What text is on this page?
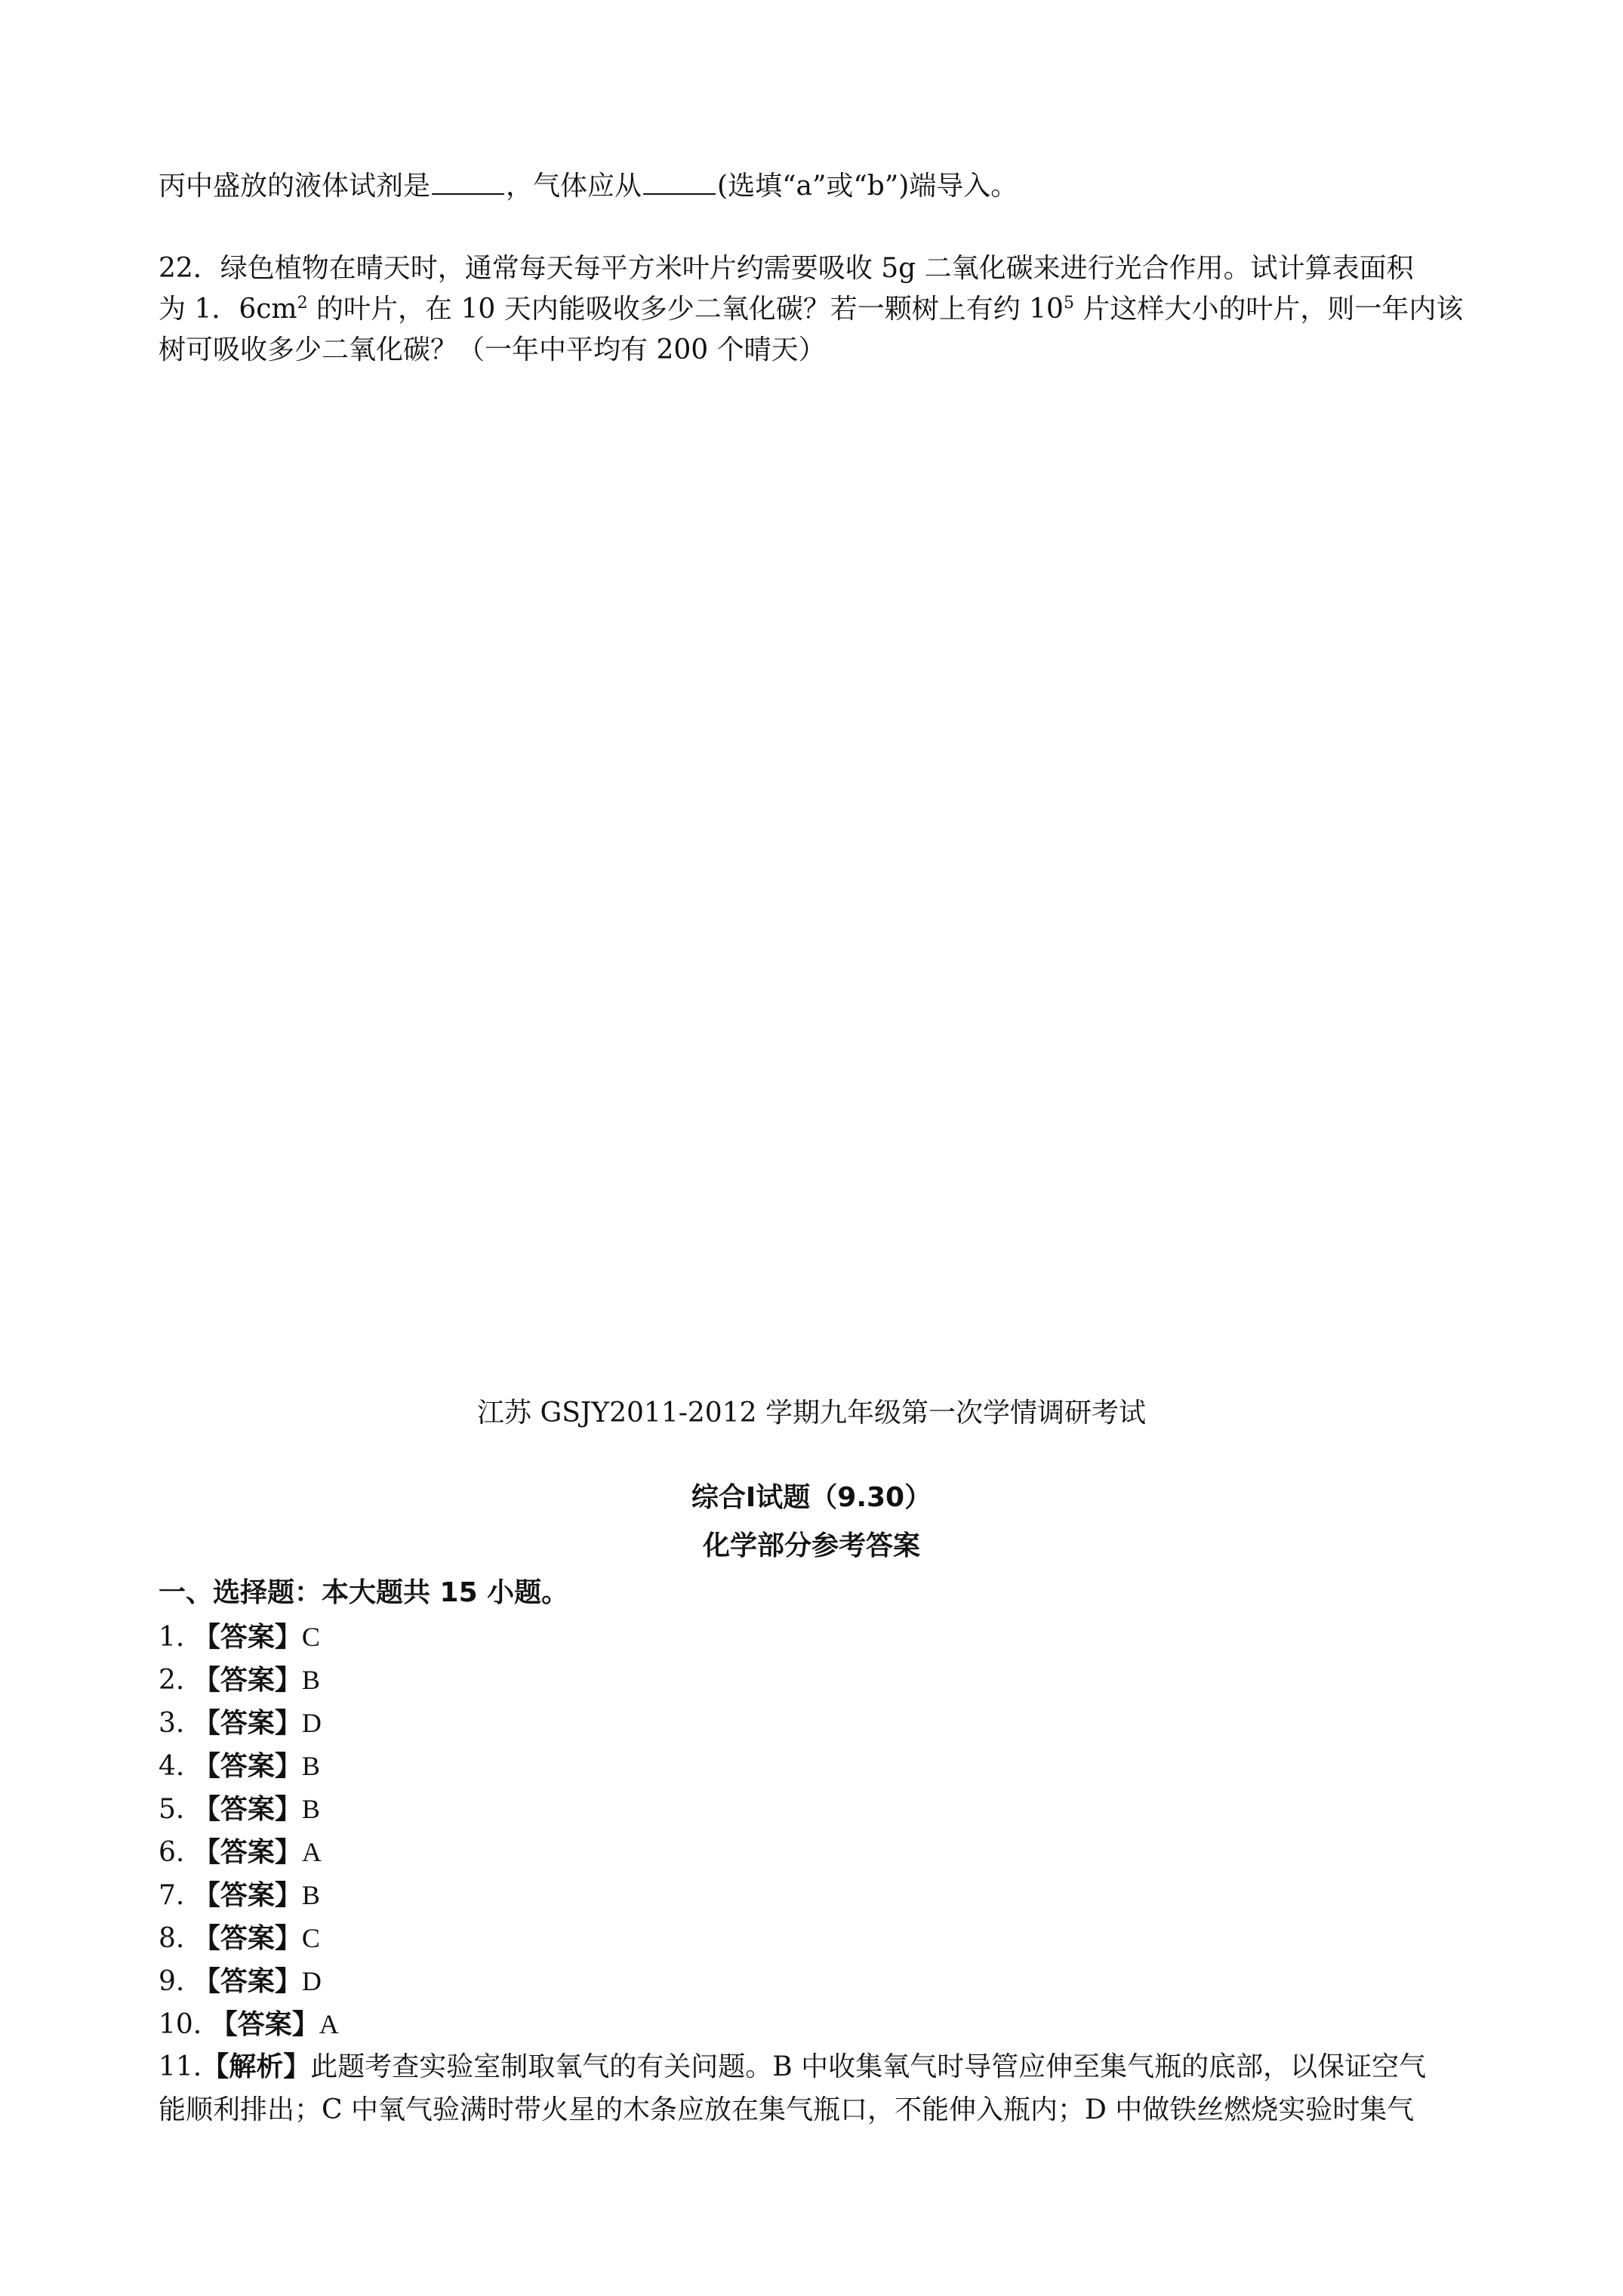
丙中盛放的液体试剂是	，气体应从	(选填“a”或“b”)端导入。
22．绿色植物在晴天时，通常每天每平方米叶片约需要吸收 5g 二氧化碳来进行光合作用。试计算表面积
为 1．$6cm^2$ 的叶片，在 10 天内能吸收多少二氧化碳？若一颗树上有约 $10^5$ 片这样大小的叶片，则一年内该
树可吸收多少二氧化碳？（一年中平均有 200 个晴天）
江苏 GSJY2011-2012 学期九年级第一次学情调研考试
综合Ⅰ试题（9.30）
化学部分参考答案
一、选择题：本大题共 15 小题。
1. 【答案】C
2. 【答案】B
3. 【答案】D
4. 【答案】B
5. 【答案】B
6. 【答案】A
7. 【答案】B
8. 【答案】C
9. 【答案】D
10. 【答案】A
11.【解析】此题考查实验室制取氧气的有关问题。B 中收集氧气时导管应伸至集气瓶的底部，以保证空气
能顺利排出；C 中氧气验满时带火星的木条应放在集气瓶口，不能伸入瓶内；D 中做铁丝燃烧实验时集气
